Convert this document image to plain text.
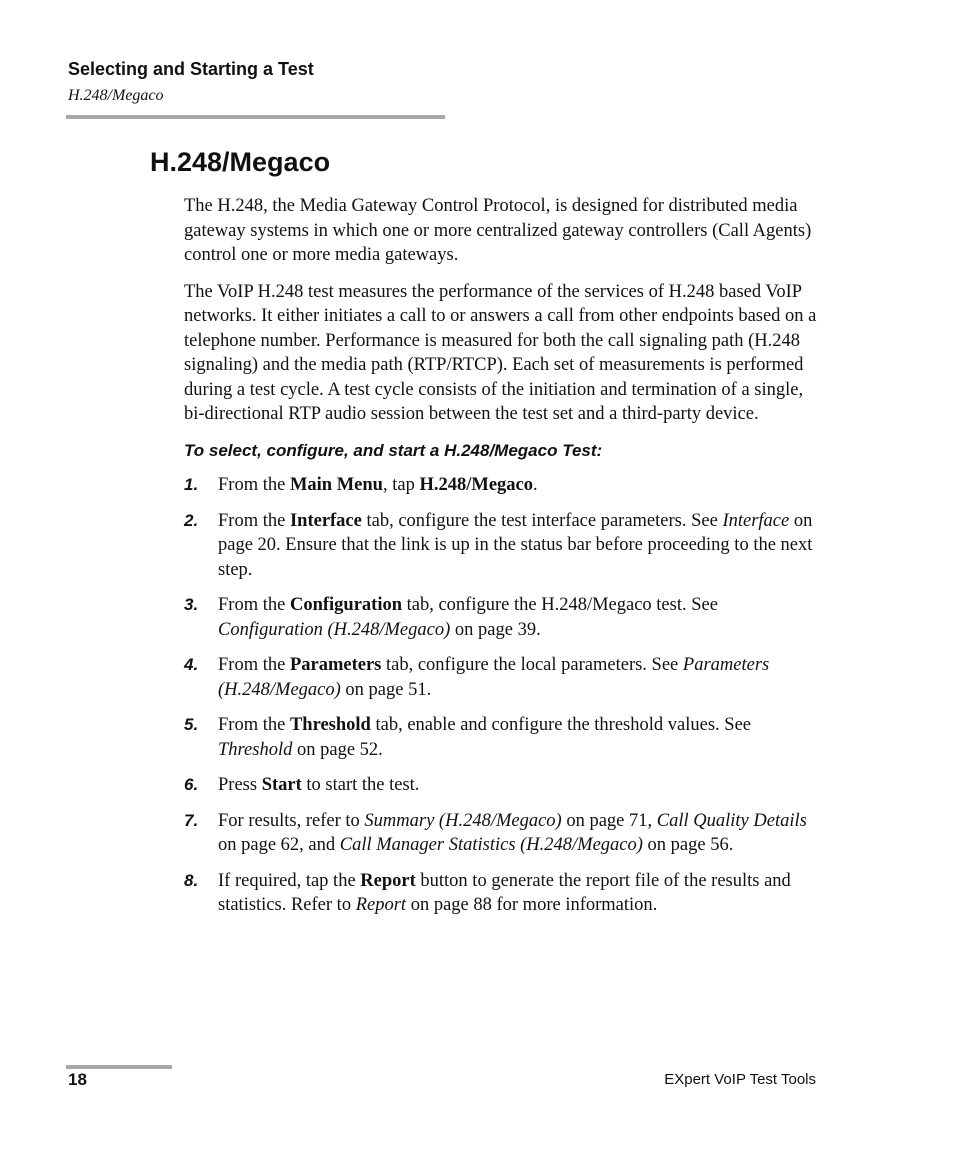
Selecting and Starting a Test
H.248/Megaco
H.248/Megaco

The H.248, the Media Gateway Control Protocol, is designed for distributed media gateway systems in which one or more centralized gateway controllers (Call Agents) control one or more media gateways.

The VoIP H.248 test measures the performance of the services of H.248 based VoIP networks. It either initiates a call to or answers a call from other endpoints based on a telephone number. Performance is measured for both the call signaling path (H.248 signaling) and the media path (RTP/RTCP). Each set of measurements is performed during a test cycle. A test cycle consists of the initiation and termination of a single, bi-directional RTP audio session between the test set and a third-party device.

To select, configure, and start a H.248/Megaco Test:
1. From the Main Menu, tap H.248/Megaco.
2. From the Interface tab, configure the test interface parameters. See Interface on page 20. Ensure that the link is up in the status bar before proceeding to the next step.
3. From the Configuration tab, configure the H.248/Megaco test. See Configuration (H.248/Megaco) on page 39.
4. From the Parameters tab, configure the local parameters. See Parameters (H.248/Megaco) on page 51.
5. From the Threshold tab, enable and configure the threshold values. See Threshold on page 52.
6. Press Start to start the test.
7. For results, refer to Summary (H.248/Megaco) on page 71, Call Quality Details on page 62, and Call Manager Statistics (H.248/Megaco) on page 56.
8. If required, tap the Report button to generate the report file of the results and statistics. Refer to Report on page 88 for more information.
18	EXpert VoIP Test Tools
